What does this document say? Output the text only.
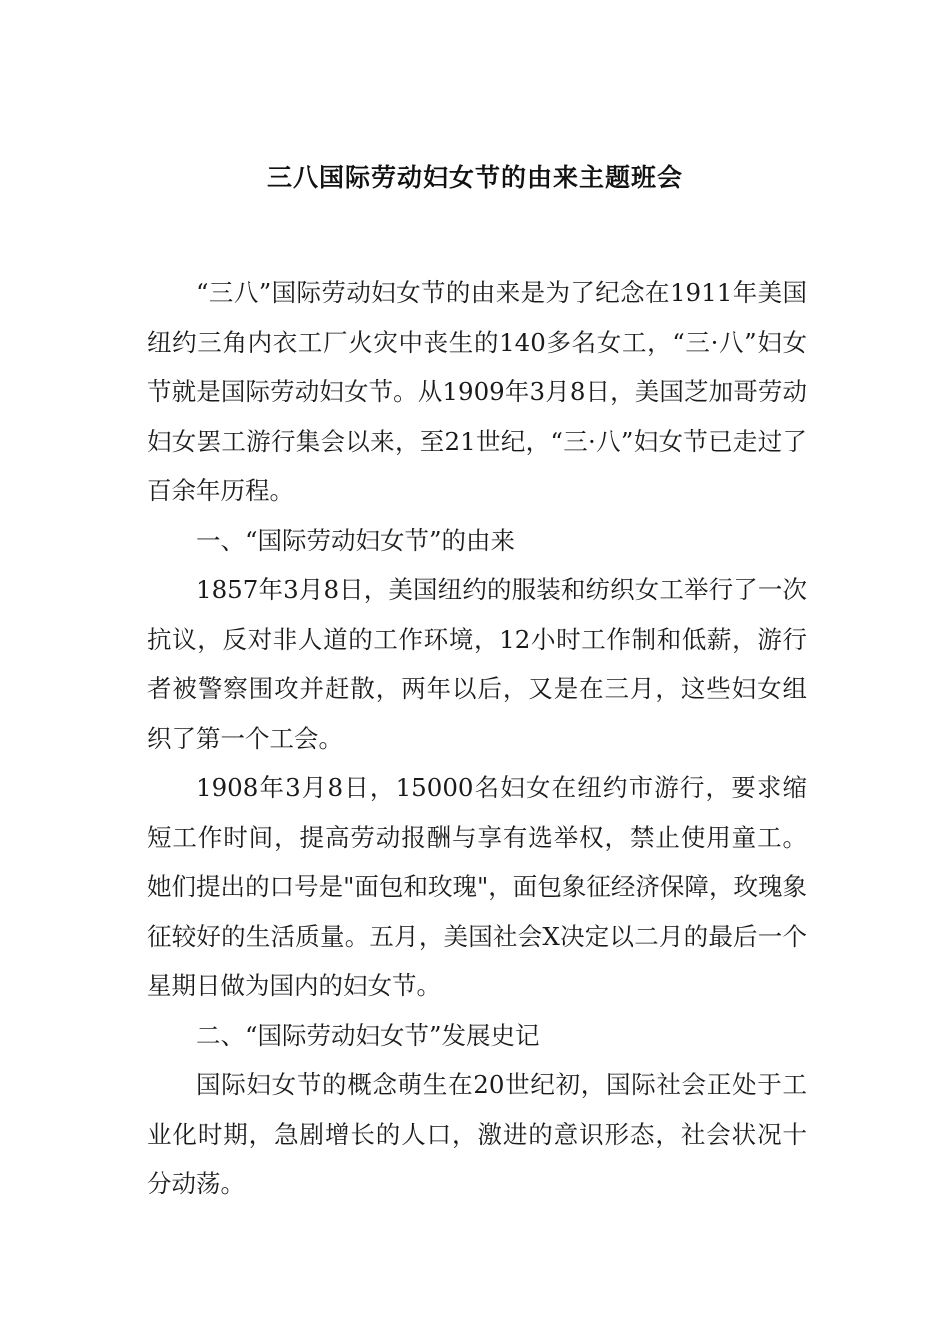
三八国际劳动妇女节的由来主题班会

“三八”国际劳动妇女节的由来是为了纪念在1911年美国纽约三角内衣工厂火灾中丧生的140多名女工，“三·八”妇女节就是国际劳动妇女节。从1909年3月8日，美国芝加哥劳动妇女罢工游行集会以来，至21世纪，“三·八”妇女节已走过了百余年历程。

一、“国际劳动妇女节”的由来

1857年3月8日，美国纽约的服装和纺织女工举行了一次抗议，反对非人道的工作环境，12小时工作制和低薪，游行者被警察围攻并赶散，两年以后，又是在三月，这些妇女组织了第一个工会。

1908年3月8日，15000名妇女在纽约市游行，要求缩短工作时间，提高劳动报酬与享有选举权，禁止使用童工。她们提出的口号是"面包和玫瑰"，面包象征经济保障，玫瑰象征较好的生活质量。五月，美国社会X决定以二月的最后一个星期日做为国内的妇女节。

二、“国际劳动妇女节”发展史记

国际妇女节的概念萌生在20世纪初，国际社会正处于工业化时期，急剧增长的人口，激进的意识形态，社会状况十分动荡。
